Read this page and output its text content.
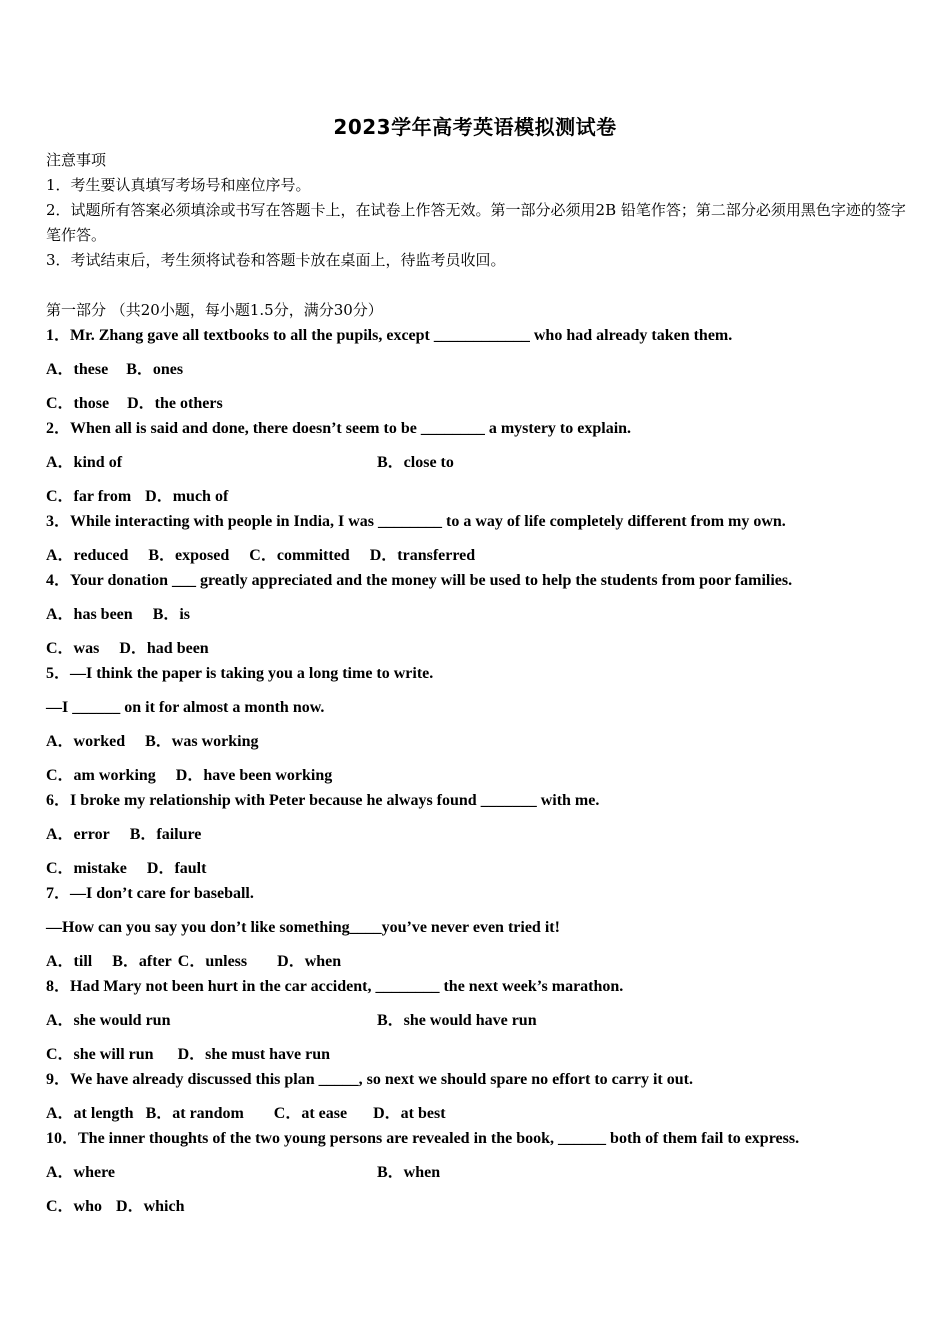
2023学年高考英语模拟测试卷
注意事项
1．考生要认真填写考场号和座位序号。
2．试题所有答案必须填涂或书写在答题卡上，在试卷上作答无效。第一部分必须用2B 铅笔作答；第二部分必须用黑色字迹的签字笔作答。
3．考试结束后，考生须将试卷和答题卡放在桌面上，待监考员收回。
第一部分 （共20小题，每小题1.5分，满分30分）
1．Mr. Zhang gave all textbooks to all the pupils, except ____________ who had already taken them.
A．these B．ones
C．those D．the others
2．When all is said and done, there doesn’t seem to be ________ a mystery to explain.
A．kind of	B．close to
C．far from D．much of
3．While interacting with people in India, I was ________ to a way of life completely different from my own.
A．reduced B．exposed C．committed D．transferred
4．Your donation ___ greatly appreciated and the money will be used to help the students from poor families.
A．has been B．is
C．was D．had been
5．—I think the paper is taking you a long time to write.
—I ______ on it for almost a month now.
A．worked B．was working
C．am working D．have been working
6．I broke my relationship with Peter because he always found _______ with me.
A．error B．failure
C．mistake D．fault
7．—I don’t care for baseball.
—How can you say you don’t like something____you’ve never even tried it!
A．till B．after C．unless D．when
8．Had Mary not been hurt in the car accident, ________ the next week’s marathon.
A．she would run	B．she would have run
C．she will run D．she must have run
9．We have already discussed this plan _____, so next we should spare no effort to carry it out.
A．at length B．at random C．at ease D．at best
10．The inner thoughts of the two young persons are revealed in the book, ______ both of them fail to express.
A．where	B．when
C．who D．which
